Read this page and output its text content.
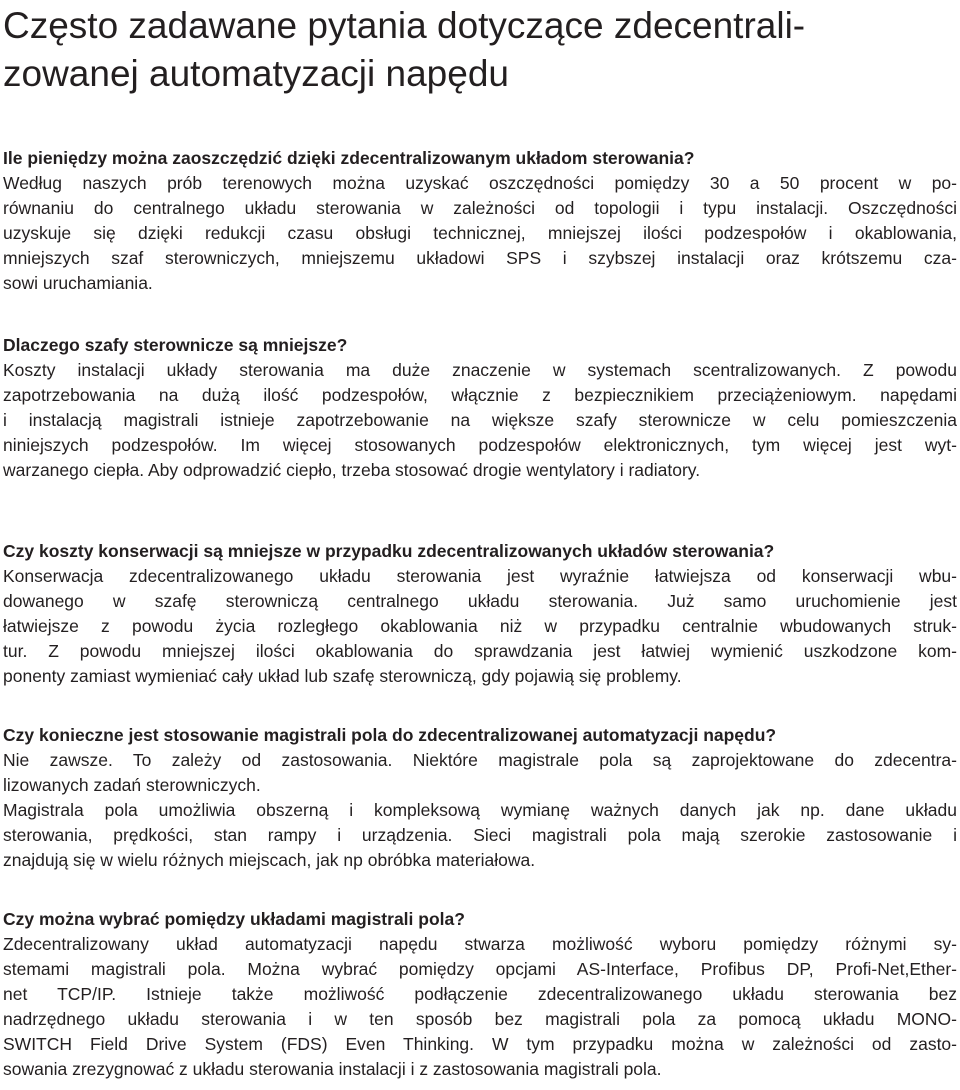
Często zadawane pytania dotyczące zdecentrali-
zowanej automatyzacji napędu
Ile pieniędzy można zaoszczędzić dzięki zdecentralizowanym układom sterowania?
Według naszych prób terenowych można uzyskać oszczędności pomiędzy 30 a 50 procent w po-
równaniu do centralnego układu sterowania w zależności od topologii i typu instalacji. Oszczędności
uzyskuje się dzięki redukcji czasu obsługi technicznej, mniejszej ilości podzespołów i okablowania,
mniejszych szaf sterowniczych, mniejszemu układowi SPS i szybszej instalacji oraz krótszemu cza-
sowi uruchamiania.
Dlaczego szafy sterownicze są mniejsze?
Koszty instalacji układy sterowania ma duże znaczenie w systemach scentralizowanych. Z powodu
zapotrzebowania na dużą ilość podzespołów, włącznie z bezpiecznikiem przeciążeniowym. napędami
i instalacją magistrali istnieje zapotrzebowanie na większe szafy sterownicze w celu pomieszczenia
niniejszych podzespołów. Im więcej stosowanych podzespołów elektronicznych, tym więcej jest wyt-
warzanego ciepła. Aby odprowadzić ciepło, trzeba stosować drogie wentylatory i radiatory.
Czy koszty konserwacji są mniejsze w przypadku zdecentralizowanych układów sterowania?
Konserwacja zdecentralizowanego układu sterowania jest wyraźnie łatwiejsza od konserwacji wbu-
dowanego w szafę sterowniczą centralnego układu sterowania. Już samo uruchomienie jest
łatwiejsze z powodu życia rozległego okablowania niż w przypadku centralnie wbudowanych struk-
tur. Z powodu mniejszej ilości okablowania do sprawdzania jest łatwiej wymienić uszkodzone kom-
ponenty zamiast wymieniać cały układ lub szafę sterowniczą, gdy pojawią się problemy.
Czy konieczne jest stosowanie magistrali pola do zdecentralizowanej automatyzacji napędu?
Nie zawsze. To zależy od zastosowania. Niektóre magistrale pola są zaprojektowane do zdecentra-
lizowanych zadań sterowniczych.
Magistrala pola umożliwia obszerną i kompleksową wymianę ważnych danych jak np. dane układu
sterowania, prędkości, stan rampy i urządzenia. Sieci magistrali pola mają szerokie zastosowanie i
znajdują się w wielu różnych miejscach, jak np obróbka materiałowa.
Czy można wybrać pomiędzy układami magistrali pola?
Zdecentralizowany układ automatyzacji napędu stwarza możliwość wyboru pomiędzy różnymi sy-
stemami magistrali pola. Można wybrać pomiędzy opcjami AS-Interface, Profibus DP, Profi-Net,Ether-
net TCP/IP. Istnieje także możliwość podłączenie zdecentralizowanego układu sterowania bez
nadrzędnego układu sterowania i w ten sposób bez magistrali pola za pomocą układu MONO-
SWITCH Field Drive System (FDS) Even Thinking. W tym przypadku można w zależności od zasto-
sowania zrezygnować z układu sterowania instalacji i z zastosowania magistrali pola.
